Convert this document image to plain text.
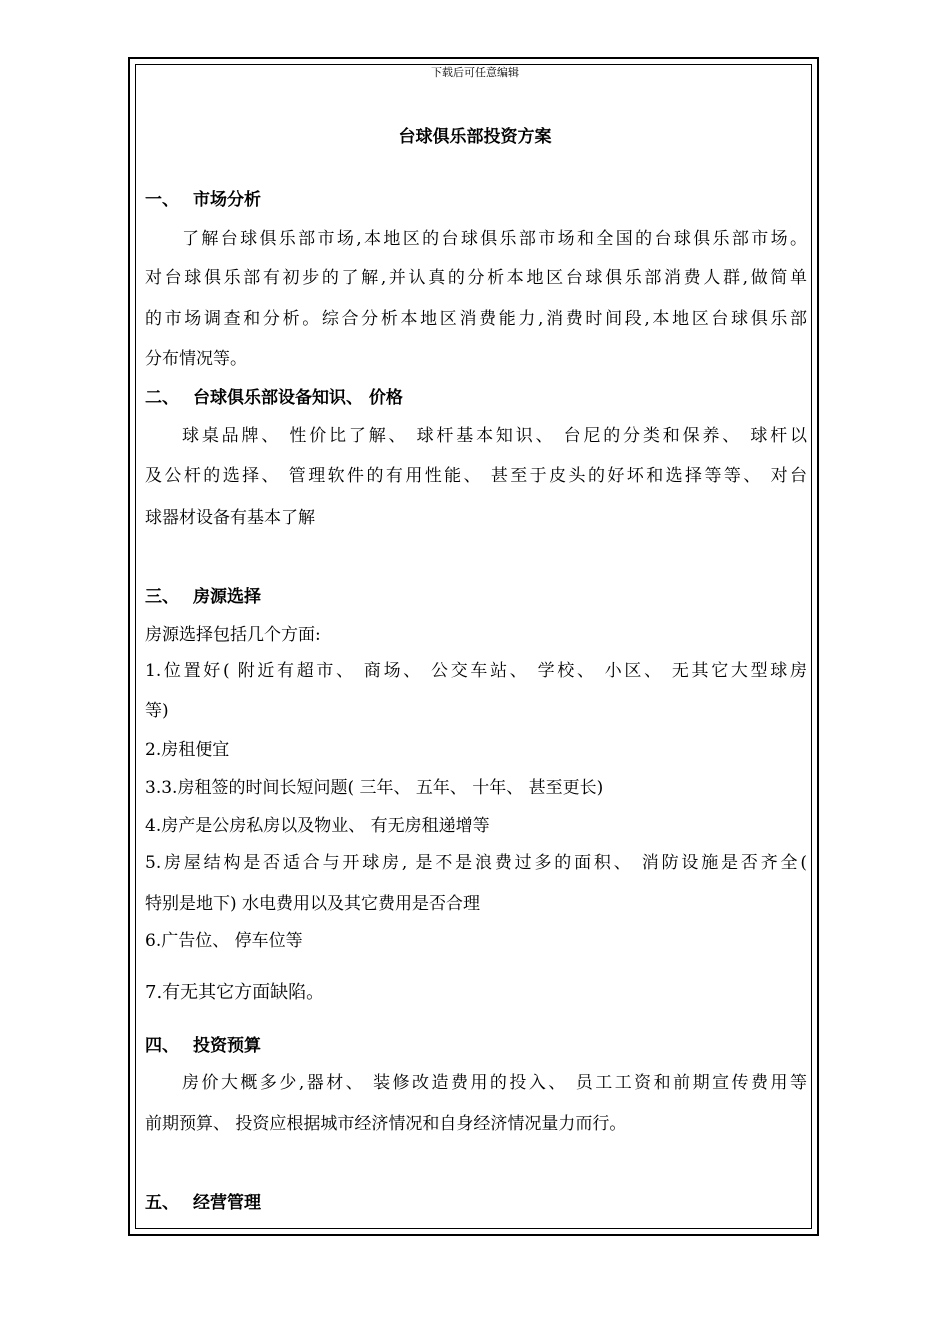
下载后可任意编辑
台球俱乐部投资方案
一、 市场分析
了解台球俱乐部市场,本地区的台球俱乐部市场和全国的台球俱乐部市场。
对台球俱乐部有初步的了解,并认真的分析本地区台球俱乐部消费人群,做简单
的市场调查和分析。综合分析本地区消费能力,消费时间段,本地区台球俱乐部
分布情况等。
二、 台球俱乐部设备知识、 价格
球桌品牌、 性价比了解、 球杆基本知识、 台尼的分类和保养、 球杆以
及公杆的选择、 管理软件的有用性能、 甚至于皮头的好坏和选择等等、 对台
球器材设备有基本了解
三、 房源选择
房源选择包括几个方面:
1.位置好( 附近有超市、 商场、 公交车站、 学校、 小区、 无其它大型球房
等)
2.房租便宜
3.3.房租签的时间长短问题( 三年、 五年、 十年、 甚至更长)
4.房产是公房私房以及物业、 有无房租递增等
5.房屋结构是否适合与开球房, 是不是浪费过多的面积、 消防设施是否齐全(
特别是地下) 水电费用以及其它费用是否合理
6.广告位、 停车位等
7.有无其它方面缺陷。
四、 投资预算
房价大概多少,器材、 装修改造费用的投入、 员工工资和前期宣传费用等
前期预算、 投资应根据城市经济情况和自身经济情况量力而行。
五、 经营管理
